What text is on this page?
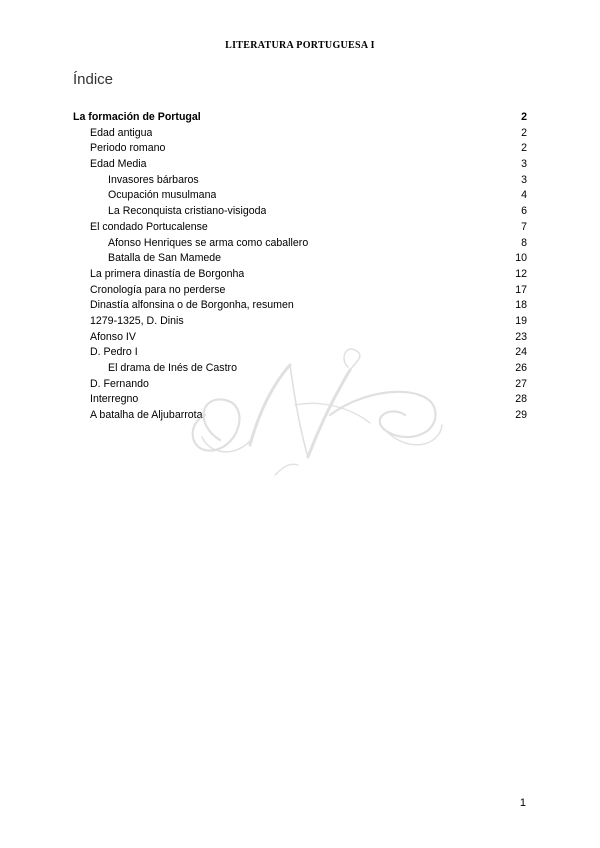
LITERATURA PORTUGUESA I
Índice
La formación de Portugal	2
Edad antigua	2
Periodo romano	2
Edad Media	3
Invasores bárbaros	3
Ocupación musulmana	4
La Reconquista cristiano-visigoda	6
El condado Portucalense	7
Afonso Henriques se arma como caballero	8
Batalla de San Mamede	10
La primera dinastía de Borgonha	12
Cronología para no perderse	17
Dinastía alfonsina o de Borgonha, resumen	18
1279-1325, D. Dinis	19
Afonso IV	23
D. Pedro I	24
El drama de Inés de Castro	26
D. Fernando	27
Interregno	28
A batalha de Aljubarrota	29
1
